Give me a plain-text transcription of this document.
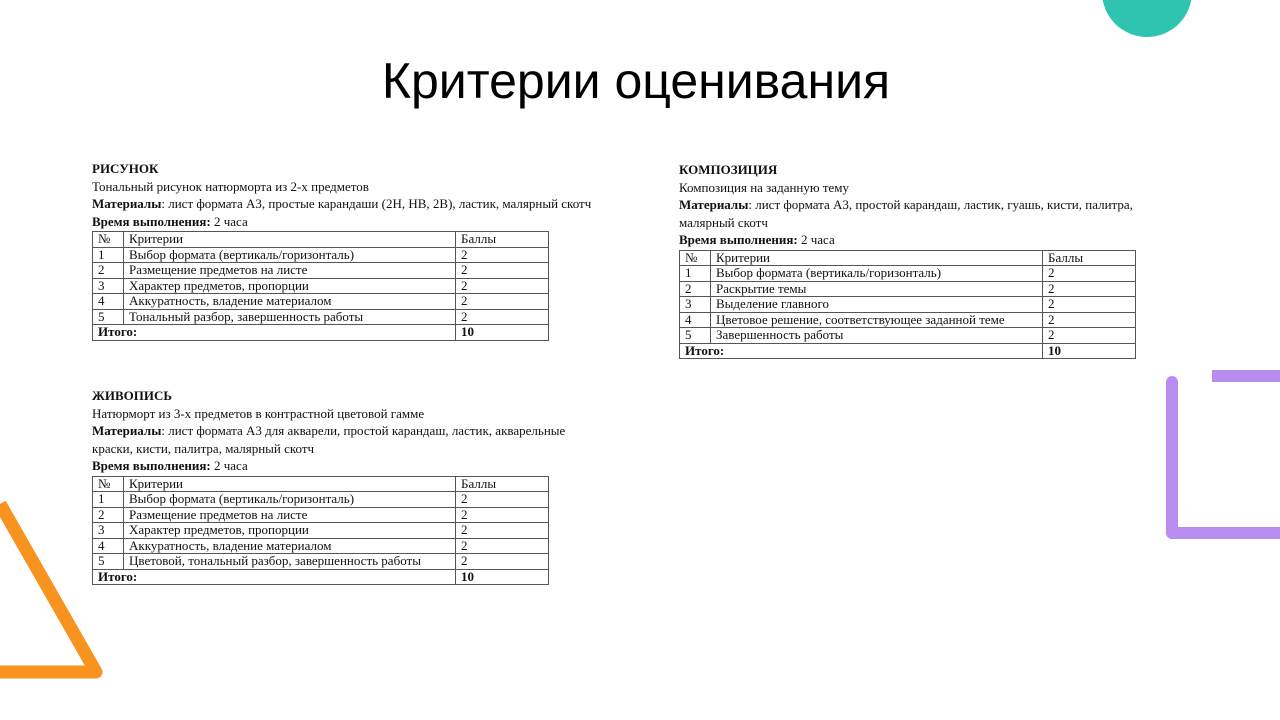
Критерии оценивания
РИСУНОК
Тональный рисунок натюрморта из 2-х предметов
Материалы: лист формата А3, простые карандаши (2H, HB, 2B), ластик, малярный скотч
Время выполнения: 2 часа
№	Критерии	Баллы
1	Выбор формата (вертикаль/горизонталь)	2
2	Размещение предметов на листе	2
3	Характер предметов, пропорции	2
4	Аккуратность, владение материалом	2
5	Тональный разбор, завершенность работы	2
Итого:		10
КОМПОЗИЦИЯ
Композиция на заданную тему
Материалы: лист формата А3, простой карандаш, ластик, гуашь, кисти, палитра, малярный скотч
Время выполнения: 2 часа
№	Критерии	Баллы
1	Выбор формата (вертикаль/горизонталь)	2
2	Раскрытие темы	2
3	Выделение главного	2
4	Цветовое решение, соответствующее заданной теме	2
5	Завершенность работы	2
Итого:		10
ЖИВОПИСЬ
Натюрморт из 3-х предметов в контрастной цветовой гамме
Материалы: лист формата А3 для акварели, простой карандаш, ластик, акварельные краски, кисти, палитра, малярный скотч
Время выполнения: 2 часа
№	Критерии	Баллы
1	Выбор формата (вертикаль/горизонталь)	2
2	Размещение предметов на листе	2
3	Характер предметов, пропорции	2
4	Аккуратность, владение материалом	2
5	Цветовой, тональный разбор, завершенность работы	2
Итого:		10
